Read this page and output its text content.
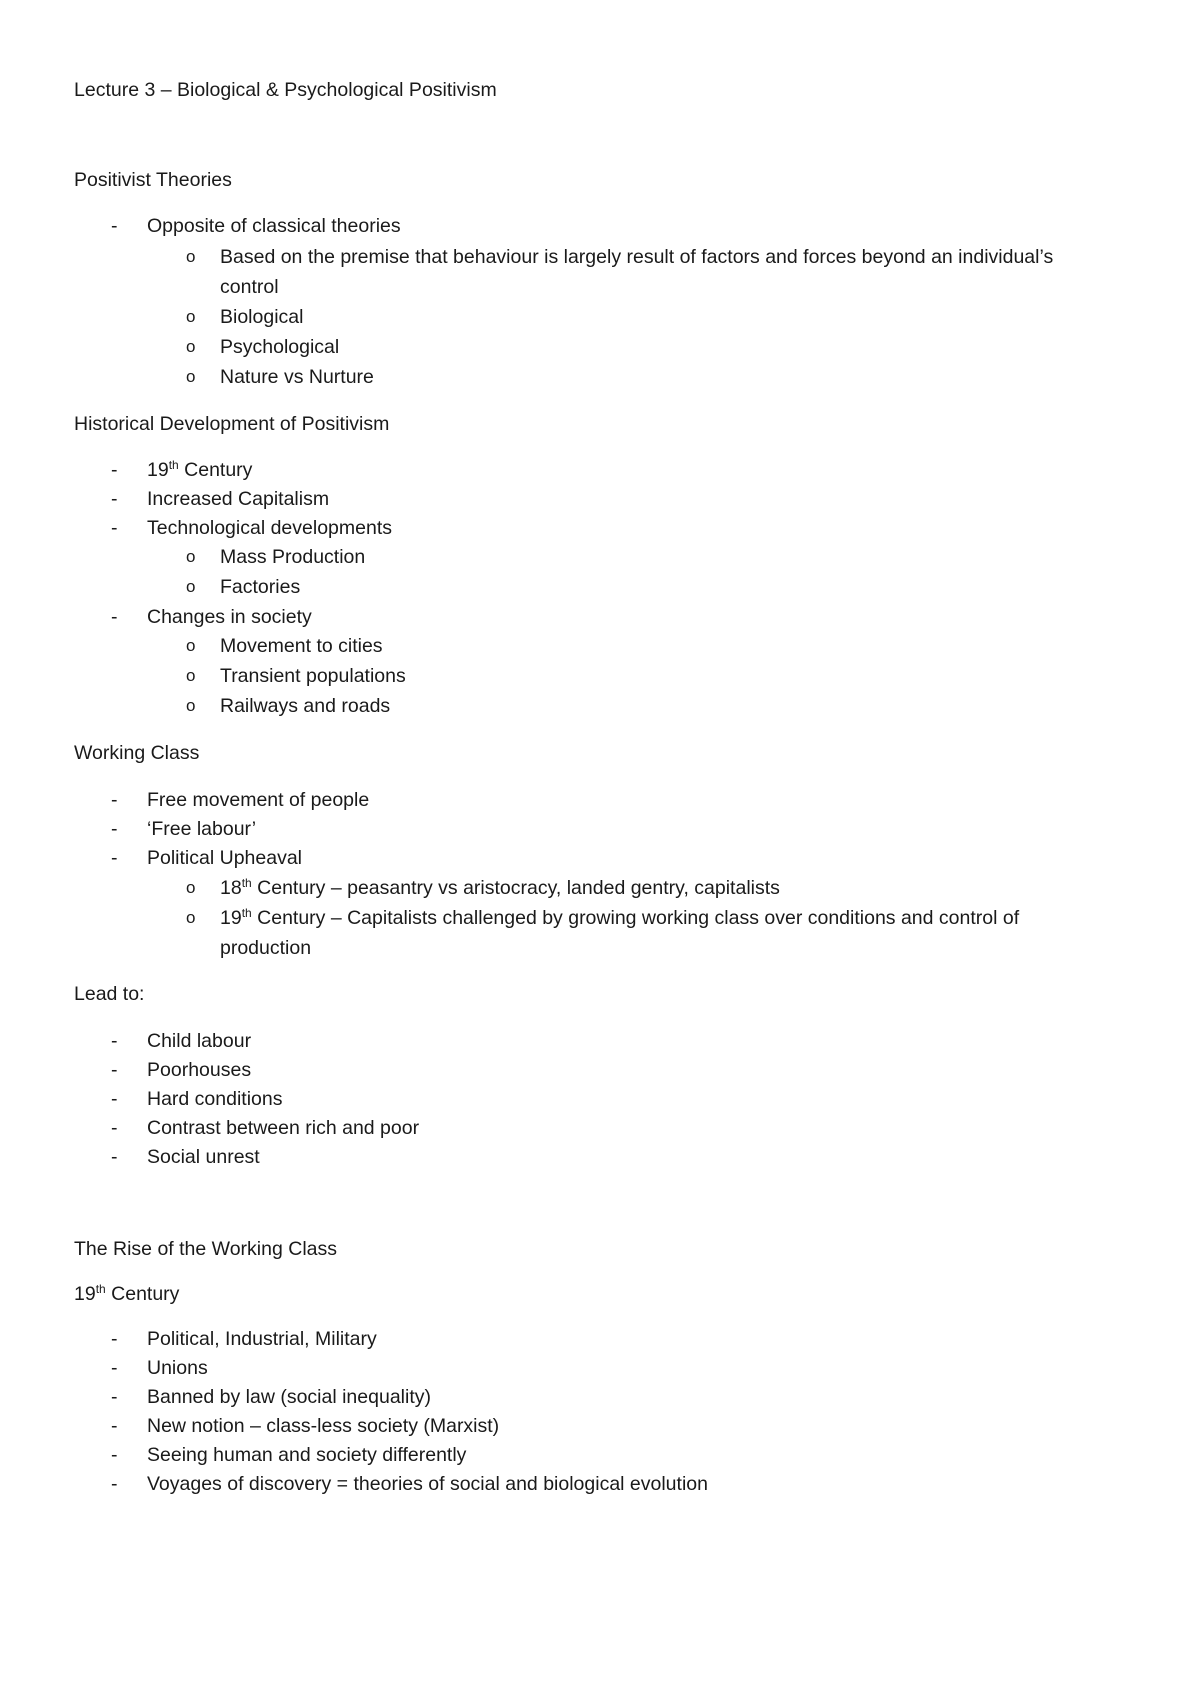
Lecture 3 – Biological & Psychological Positivism
Positivist Theories
- Opposite of classical theories
o Based on the premise that behaviour is largely result of factors and forces beyond an individual’s
control
o Biological
o Psychological
o Nature vs Nurture
Historical Development of Positivism
- 19th Century
- Increased Capitalism
- Technological developments
o Mass Production
o Factories
- Changes in society
o Movement to cities
o Transient populations
o Railways and roads
Working Class
- Free movement of people
- ‘Free labour’
- Political Upheaval
o 18th Century – peasantry vs aristocracy, landed gentry, capitalists
o 19th Century – Capitalists challenged by growing working class over conditions and control of
production
Lead to:
- Child labour
- Poorhouses
- Hard conditions
- Contrast between rich and poor
- Social unrest
The Rise of the Working Class
19th Century
- Political, Industrial, Military
- Unions
- Banned by law (social inequality)
- New notion – class-less society (Marxist)
- Seeing human and society differently
- Voyages of discovery = theories of social and biological evolution
